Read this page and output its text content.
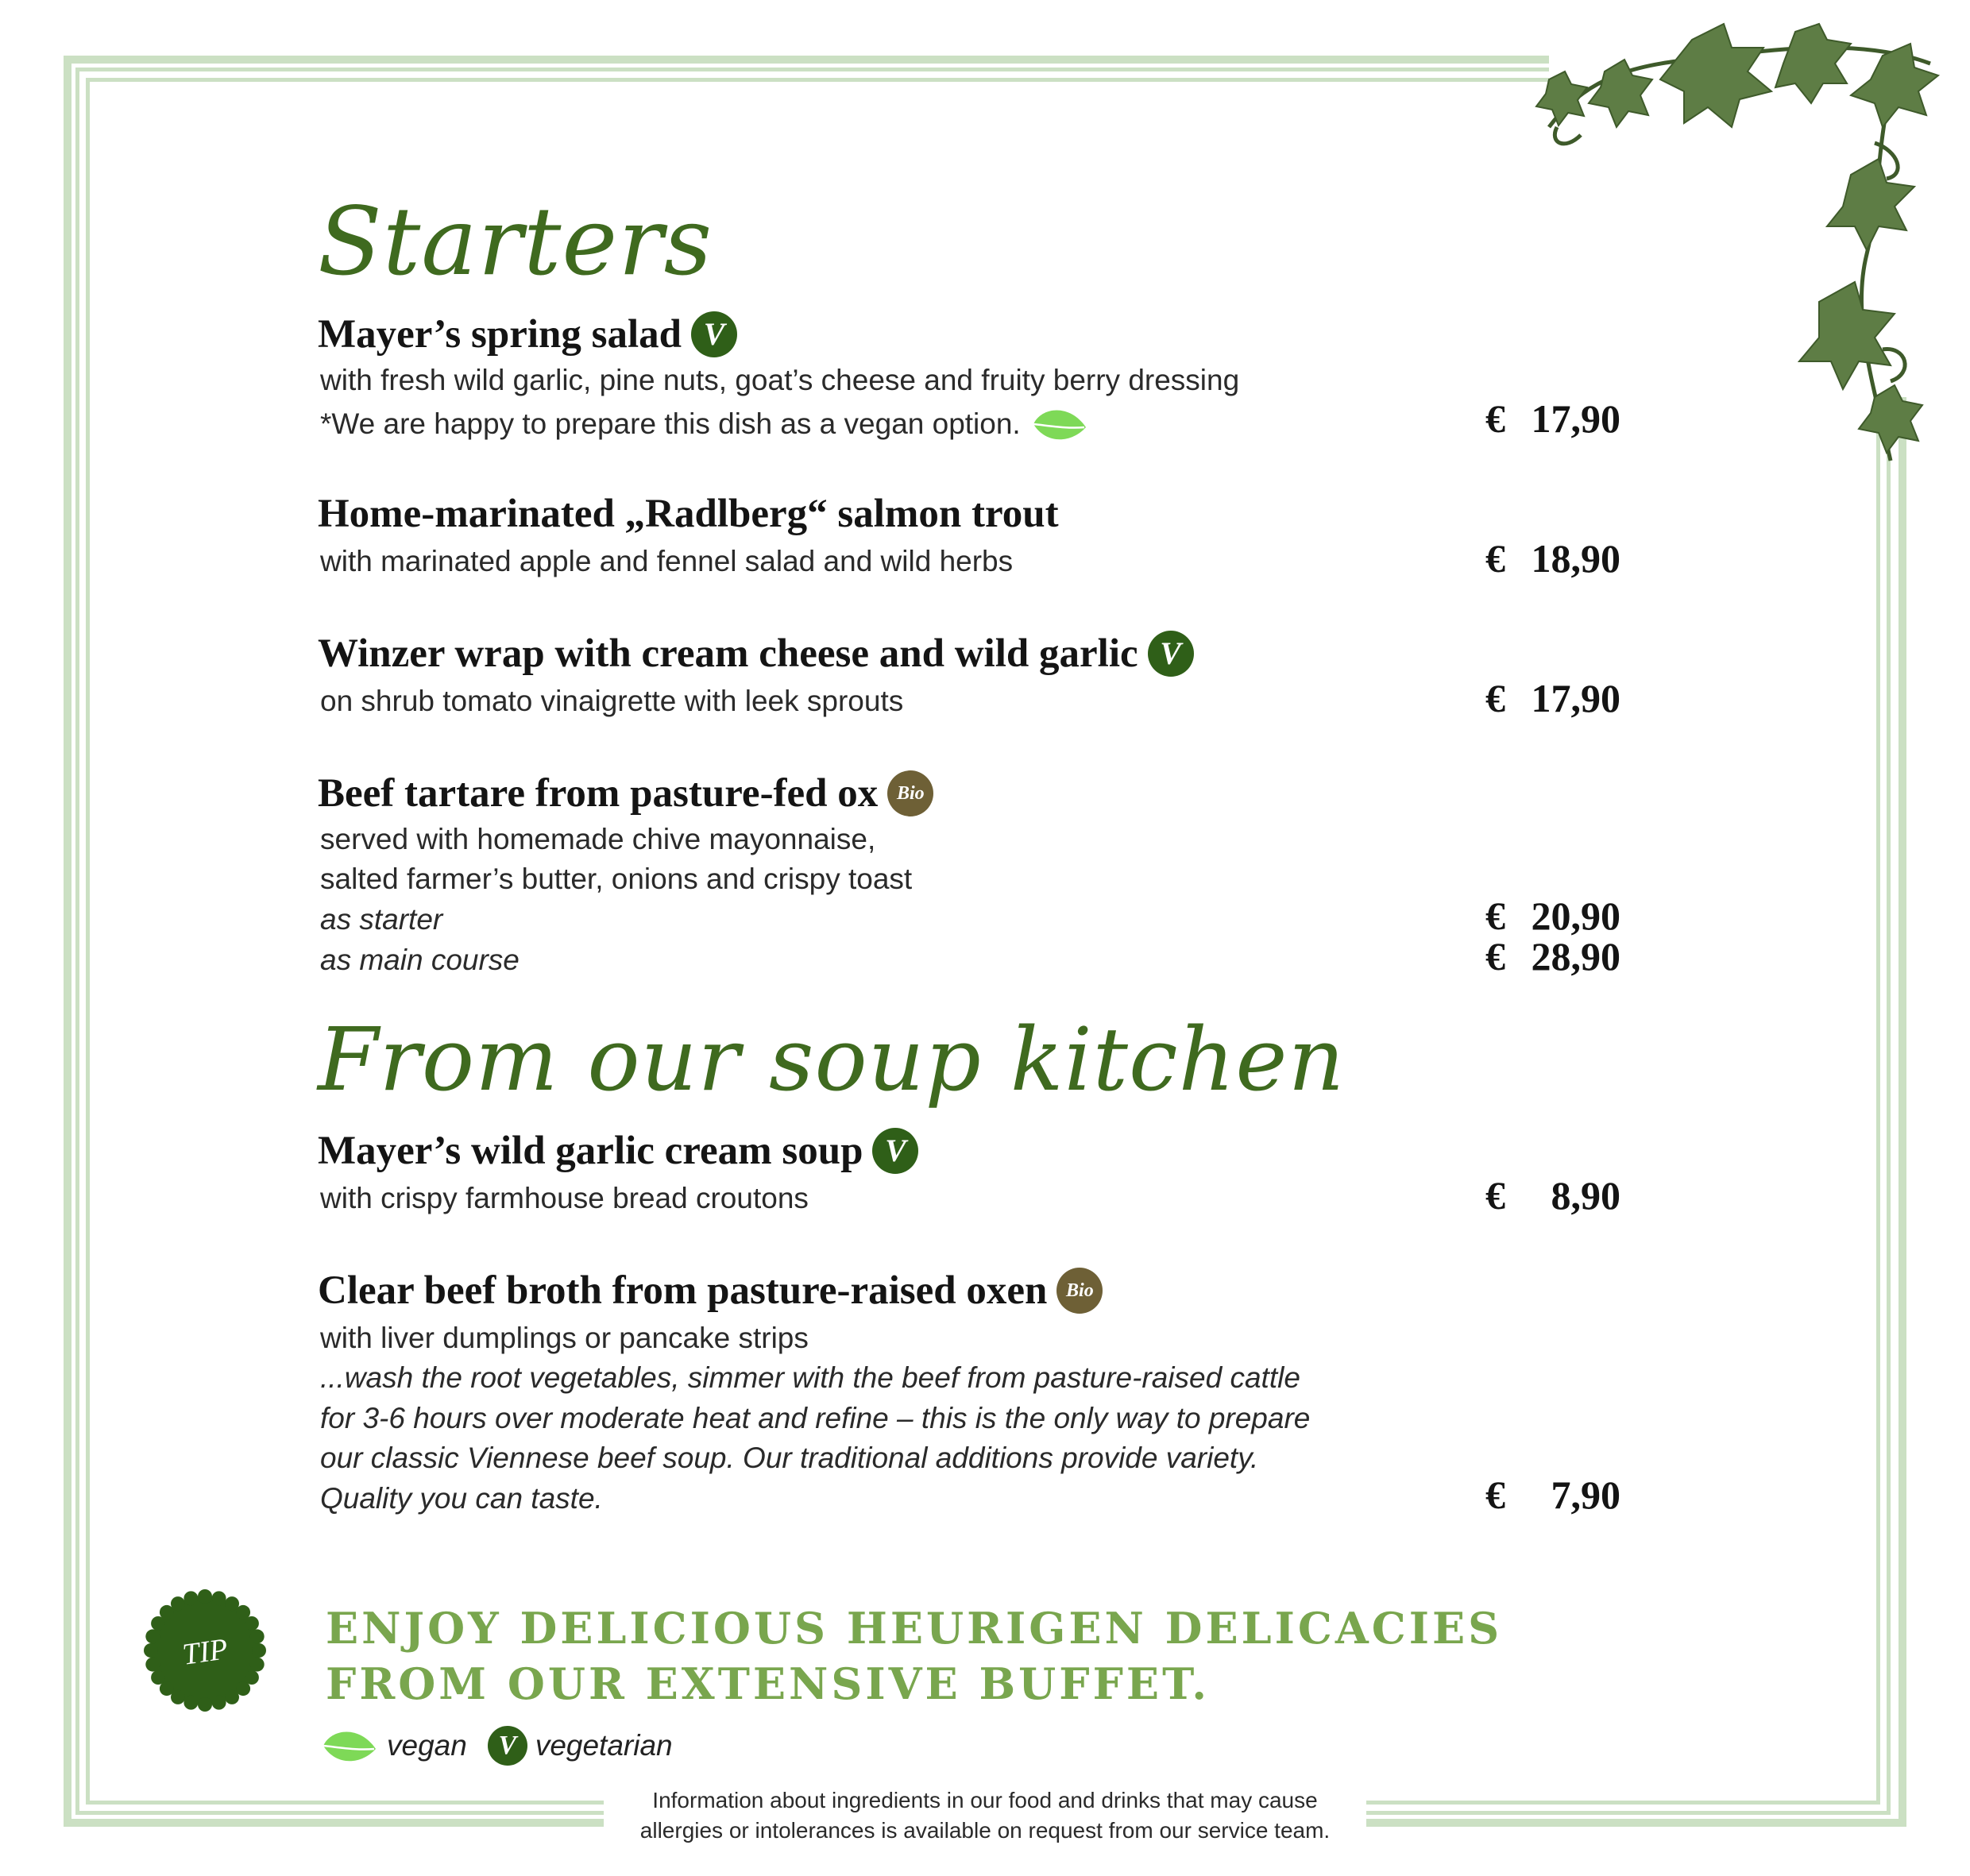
Starters
Mayer’s spring salad V
with fresh wild garlic, pine nuts, goat’s cheese and fruity berry dressing
*We are happy to prepare this dish as a vegan option.	€ 17,90
Home-marinated „Radlberg“ salmon trout
with marinated apple and fennel salad and wild herbs	€ 18,90
Winzer wrap with cream cheese and wild garlic V
on shrub tomato vinaigrette with leek sprouts	€ 17,90
Beef tartare from pasture-fed ox Bio
served with homemade chive mayonnaise,
salted farmer’s butter, onions and crispy toast
as starter	€ 20,90
as main course	€ 28,90
From our soup kitchen
Mayer’s wild garlic cream soup V
with crispy farmhouse bread croutons	€ 8,90
Clear beef broth from pasture-raised oxen Bio
with liver dumplings or pancake strips
...wash the root vegetables, simmer with the beef from pasture-raised cattle
for 3-6 hours over moderate heat and refine – this is the only way to prepare
our classic Viennese beef soup. Our traditional additions provide variety.
Quality you can taste.	€ 7,90
TIP ENJOY DELICIOUS HEURIGEN DELICACIES
FROM OUR EXTENSIVE BUFFET.
vegan	V vegetarian
Information about ingredients in our food and drinks that may cause
allergies or intolerances is available on request from our service team.
